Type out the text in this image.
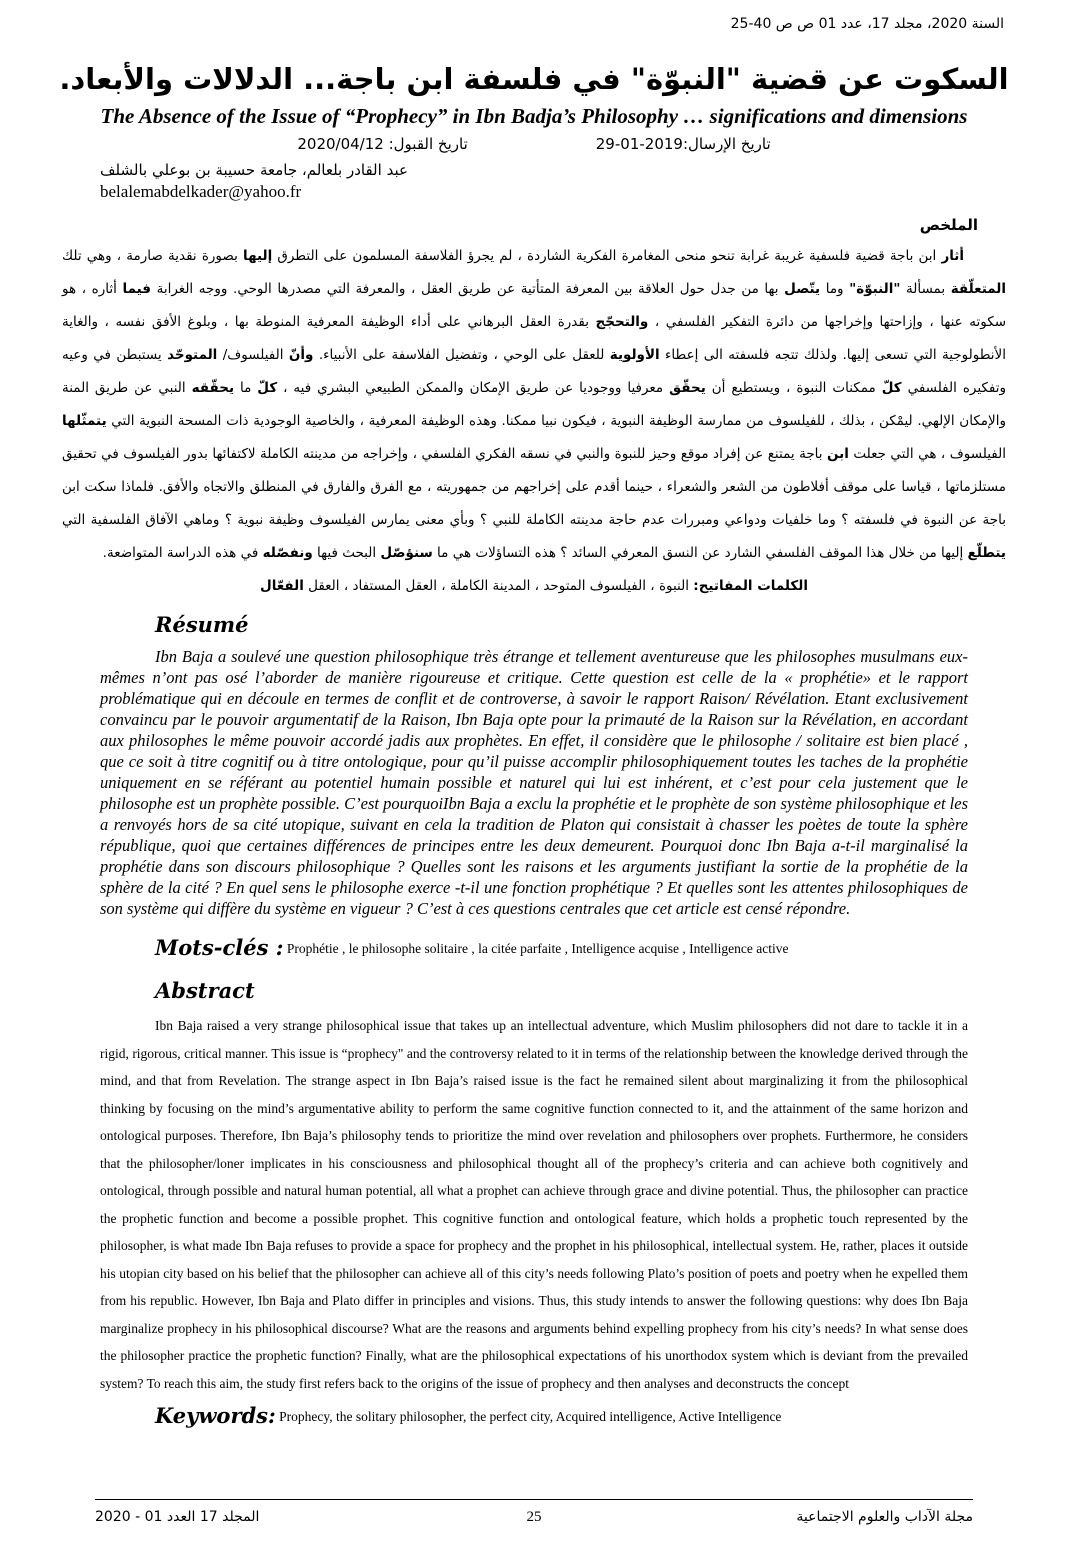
السنة 2020، مجلد 17، عدد 01 ص ص 40-25
السكوت عن قضية "النبوّة" في فلسفة ابن باجة... الدلالات والأبعاد.
The Absence of the Issue of “Prophecy” in Ibn Badja’s Philosophy … significations and dimensions
تاريخ الإرسال:2019-01-29
تاريخ القبول: 2020/04/12
عبد القادر بلعالم، جامعة حسيبة بن بوعلي بالشلف
belalemabdelkader@yahoo.fr
الملخص

أثار ابن باجة قضية فلسفية غريبة غرابة تنحو منحى المغامرة الفكرية الشاردة ، لم يجرؤ الفلاسفة المسلمون على التطرق إليها بصورة نقدية صارمة ، وهي تلك المتعلّقة بمسألة "النبوّة" وما يتّصل بها من جدل حول العلاقة بين المعرفة المتأتية عن طريق العقل ، والمعرفة التي مصدرها الوحي. ووجه الغرابة فيما أثاره ، هو سكوته عنها ، وإزاحتها وإخراجها من دائرة التفكير الفلسفي ، والتحجّج بقدرة العقل البرهاني على أداء الوظيفة المعرفية المنوطة بها ، وبلوغ الأفق نفسه ، والغاية الأنطولوجية التي تسعى إليها. ولذلك تتجه فلسفته الى إعطاء الأولوية للعقل على الوحي ، وتفضيل الفلاسفة على الأنبياء. وأنّ الفيلسوف/ المتوحّد يستبطن في وعيه وتفكيره الفلسفي كلّ ممكنات النبوة ، ويستطيع أن يحقّق معرفيا ووجوديا عن طريق الإمكان والممكن الطبيعي البشري فيه ، كلّ ما يحقّقه النبي عن طريق المنة والإمكان الإلهي. ليمْكن ، بذلك ، للفيلسوف من ممارسة الوظيفة النبوية ، فيكون نبيا ممكنا. وهذه الوظيفة المعرفية ، والخاصية الوجودية ذات المسحة النبوية التي يتمثّلها الفيلسوف ، هي التي جعلت ابن باجة يمتنع عن إفراد موقع وحيز للنبوة والنبي في نسقه الفكري الفلسفي ، وإخراجه من مدينته الكاملة لاكتفائها بدور الفيلسوف في تحقيق مستلزماتها ، قياسا على موقف أفلاطون من الشعر والشعراء ، حينما أقدم على إخراجهم من جمهوريته ، مع الفرق والفارق في المنطلق والاتجاه والأفق. فلماذا سكت ابن باجة عن النبوة في فلسفته ؟ وما خلفيات ودواعي ومبررات عدم حاجة مدينته الكاملة للنبي ؟ وبأي معنى يمارس الفيلسوف وظيفة نبوية ؟ وماهي الآفاق الفلسفية التي يتطلّع إليها من خلال هذا الموقف الفلسفي الشارد عن النسق المعرفي السائد ؟ هذه التساؤلات هي ما سنؤصّل البحث فيها ونفصّله في هذه الدراسة المتواضعة.

الكلمات المفاتيح: النبوة ، الفيلسوف المتوحد ، المدينة الكاملة ، العقل المستفاد ، العقل الفعّال

Résumé

Ibn Baja a soulevé une question philosophique très étrange et tellement aventureuse que les philosophes musulmans eux-mêmes n’ont pas osé l’aborder de manière rigoureuse et critique. Cette question est celle de la « prophétie» et le rapport problématique qui en découle en termes de conflit et de controverse, à savoir le rapport Raison/ Révélation. Etant exclusivement convaincu par le pouvoir argumentatif de la Raison, Ibn Baja opte pour la primauté de la Raison sur la Révélation, en accordant aux philosophes le même pouvoir accordé jadis aux prophètes. En effet, il considère que le philosophe / solitaire est bien placé , que ce soit à titre cognitif ou à titre ontologique, pour qu’il puisse accomplir philosophiquement toutes les taches de la prophétie uniquement en se référant au potentiel humain possible et naturel qui lui est inhérent, et c’est pour cela justement que le philosophe est un prophète possible. C’est pourquoiIbn Baja a exclu la prophétie et le prophète de son système philosophique et les a renvoyés hors de sa cité utopique, suivant en cela la tradition de Platon qui consistait à chasser les poètes de toute la sphère république, quoi que certaines différences de principes entre les deux demeurent. Pourquoi donc Ibn Baja a-t-il marginalisé la prophétie dans son discours philosophique ? Quelles sont les raisons et les arguments justifiant la sortie de la prophétie de la sphère de la cité ? En quel sens le philosophe exerce -t-il une fonction prophétique ? Et quelles sont les attentes philosophiques de son système qui diffère du système en vigueur ? C’est à ces questions centrales que cet article est censé répondre.

Mots-clés : Prophétie , le philosophe solitaire , la citée parfaite , Intelligence acquise , Intelligence active

Abstract

Ibn Baja raised a very strange philosophical issue that takes up an intellectual adventure, which Muslim philosophers did not dare to tackle it in a rigid, rigorous, critical manner. This issue is “prophecy" and the controversy related to it in terms of the relationship between the knowledge derived through the mind, and that from Revelation. The strange aspect in Ibn Baja’s raised issue is the fact he remained silent about marginalizing it from the philosophical thinking by focusing on the mind’s argumentative ability to perform the same cognitive function connected to it, and the attainment of the same horizon and ontological purposes. Therefore, Ibn Baja’s philosophy tends to prioritize the mind over revelation and philosophers over prophets. Furthermore, he considers that the philosopher/loner implicates in his consciousness and philosophical thought all of the prophecy’s criteria and can achieve both cognitively and ontological, through possible and natural human potential, all what a prophet can achieve through grace and divine potential. Thus, the philosopher can practice the prophetic function and become a possible prophet. This cognitive function and ontological feature, which holds a prophetic touch represented by the philosopher, is what made Ibn Baja refuses to provide a space for prophecy and the prophet in his philosophical, intellectual system. He, rather, places it outside his utopian city based on his belief that the philosopher can achieve all of this city’s needs following Plato’s position of poets and poetry when he expelled them from his republic. However, Ibn Baja and Plato differ in principles and visions. Thus, this study intends to answer the following questions: why does Ibn Baja marginalize prophecy in his philosophical discourse? What are the reasons and arguments behind expelling prophecy from his city’s needs? In what sense does the philosopher practice the prophetic function? Finally, what are the philosophical expectations of his unorthodox system which is deviant from the prevailed system? To reach this aim, the study first refers back to the origins of the issue of prophecy and then analyses and deconstructs the concept

Keywords: Prophecy, the solitary philosopher, the perfect city, Acquired intelligence, Active Intelligence

المجلد 17 العدد 01 - 2020	25	مجلة الآداب والعلوم الاجتماعية
